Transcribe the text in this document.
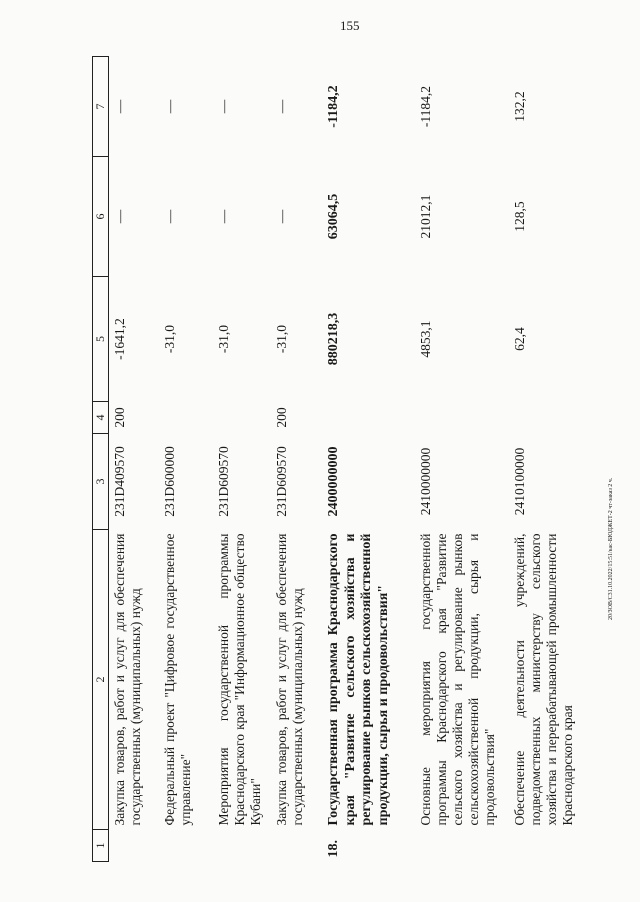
155
20/ЗОВ/С31.10.2022/15:51/кас-БЮДЖЕТ-2 чт-заказ 2 ч.
1	2	3	4	5	6	7
	Закупка товаров, работ и услуг для обеспечения государственных (муниципальных) нужд	231D409570	200	-1641,2	—	—
	Федеральный проект "Цифровое государственное управление"	231D600000		-31,0	—	—
	Мероприятия государственной программы Краснодарского края "Информационное общество Кубани"	231D609570		-31,0	—	—
	Закупка товаров, работ и услуг для обеспечения государственных (муниципальных) нужд	231D609570	200	-31,0	—	—
18.	Государственная программа Краснодарского края "Развитие сельского хозяйства и регулирование рынков сельскохозяйственной продукции, сырья и продовольствия"	2400000000		880218,3	63064,5	-1184,2
	Основные мероприятия государственной программы Краснодарского края "Развитие сельского хозяйства и регулирование рынков сельскохозяйственной продукции, сырья и продовольствия"	2410000000		4853,1	21012,1	-1184,2
	Обеспечение деятельности учреждений, подведомственных министерству сельского хозяйства и перерабатывающей промышленности Краснодарского края	2410100000		62,4	128,5	132,2
